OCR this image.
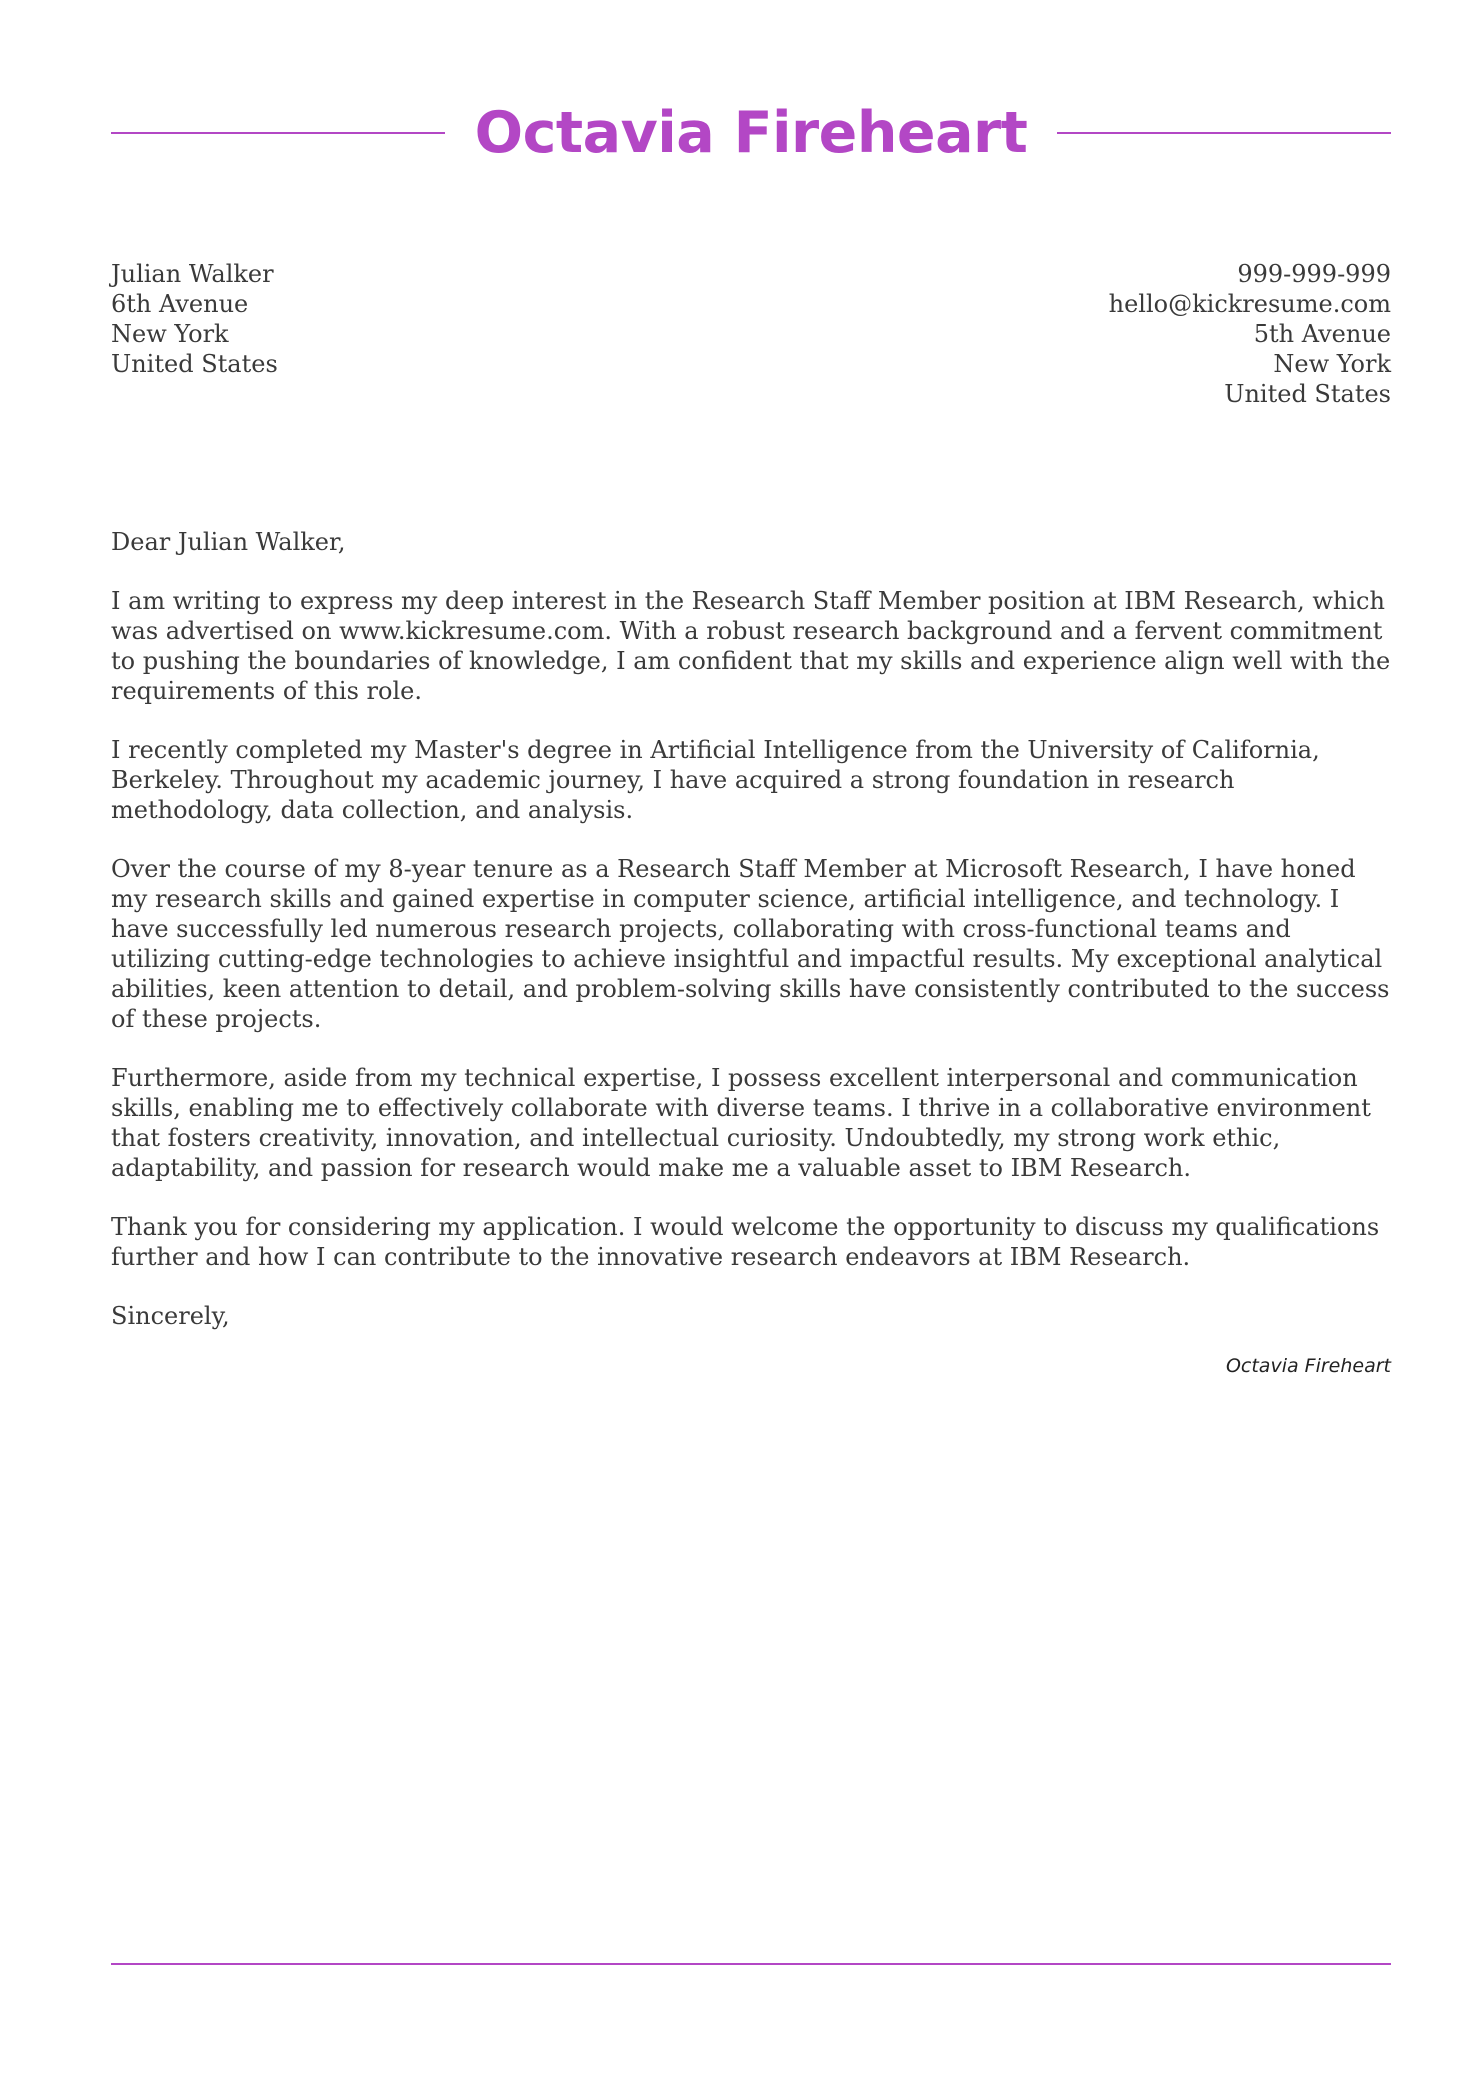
Octavia Fireheart
Julian Walker
6th Avenue
New York
United States
999-999-999
hello@kickresume.com
5th Avenue
New York
United States

Dear Julian Walker,

I am writing to express my deep interest in the Research Staff Member position at IBM Research, which was advertised on www.kickresume.com. With a robust research background and a fervent commitment to pushing the boundaries of knowledge, I am confident that my skills and experience align well with the requirements of this role.

I recently completed my Master's degree in Artificial Intelligence from the University of California, Berkeley. Throughout my academic journey, I have acquired a strong foundation in research methodology, data collection, and analysis.

Over the course of my 8-year tenure as a Research Staff Member at Microsoft Research, I have honed my research skills and gained expertise in computer science, artificial intelligence, and technology. I have successfully led numerous research projects, collaborating with cross-functional teams and utilizing cutting-edge technologies to achieve insightful and impactful results. My exceptional analytical abilities, keen attention to detail, and problem-solving skills have consistently contributed to the success of these projects.

Furthermore, aside from my technical expertise, I possess excellent interpersonal and communication skills, enabling me to effectively collaborate with diverse teams. I thrive in a collaborative environment that fosters creativity, innovation, and intellectual curiosity. Undoubtedly, my strong work ethic, adaptability, and passion for research would make me a valuable asset to IBM Research.

Thank you for considering my application. I would welcome the opportunity to discuss my qualifications further and how I can contribute to the innovative research endeavors at IBM Research.

Sincerely,

Octavia Fireheart
